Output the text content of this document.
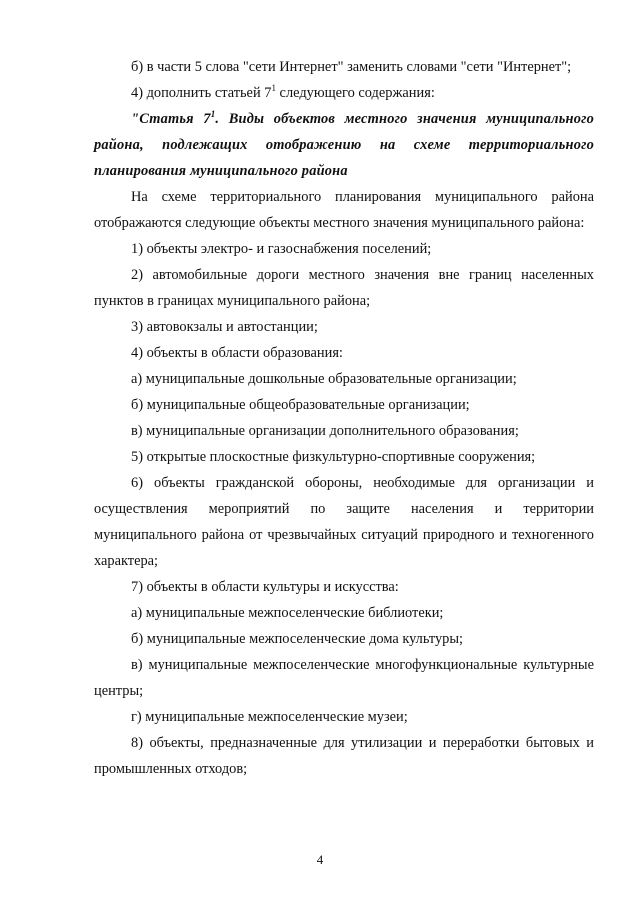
б) в части 5 слова "сети Интернет" заменить словами "сети "Интернет";

4) дополнить статьей $7^1$ следующего содержания:

"Статья $7^1$. Виды объектов местного значения муниципального района, подлежащих отображению на схеме территориального планирования муниципального района

На схеме территориального планирования муниципального района отображаются следующие объекты местного значения муниципального района:

1) объекты электро- и газоснабжения поселений;

2) автомобильные дороги местного значения вне границ населенных пунктов в границах муниципального района;

3) автовокзалы и автостанции;

4) объекты в области образования:

а) муниципальные дошкольные образовательные организации;

б) муниципальные общеобразовательные организации;

в) муниципальные организации дополнительного образования;

5) открытые плоскостные физкультурно-спортивные сооружения;

6) объекты гражданской обороны, необходимые для организации и осуществления мероприятий по защите населения и территории муниципального района от чрезвычайных ситуаций природного и техногенного характера;

7) объекты в области культуры и искусства:

а) муниципальные межпоселенческие библиотеки;

б) муниципальные межпоселенческие дома культуры;

в) муниципальные межпоселенческие многофункциональные культурные центры;

г) муниципальные межпоселенческие музеи;

8) объекты, предназначенные для утилизации и переработки бытовых и промышленных отходов;

4
